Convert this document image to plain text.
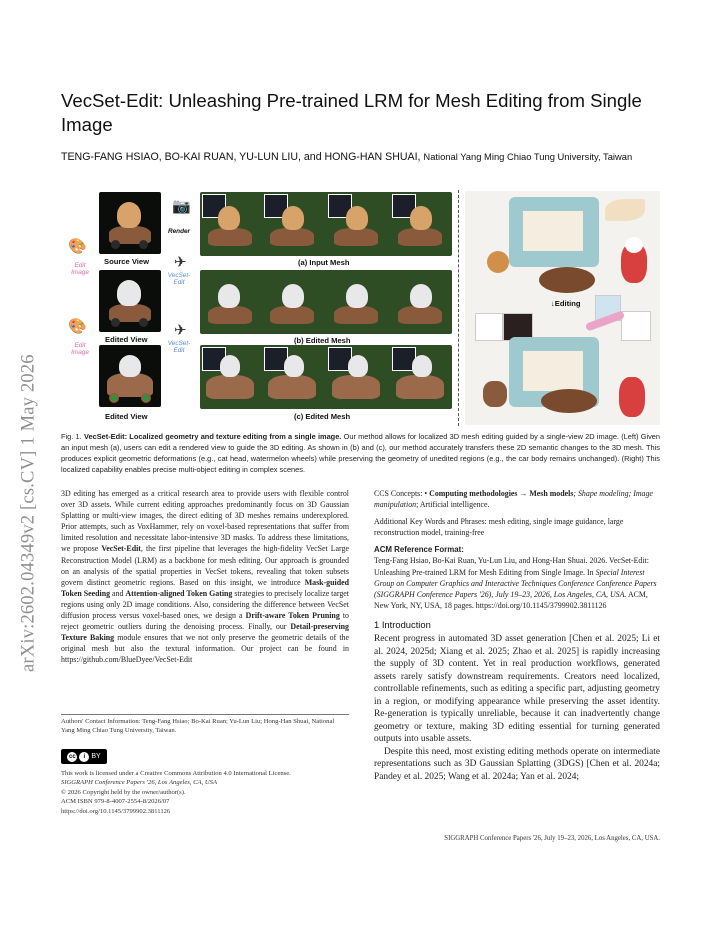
arXiv:2602.04349v2 [cs.CV] 1 May 2026
VecSet-Edit: Unleashing Pre-trained LRM for Mesh Editing from Single Image
TENG-FANG HSIAO, BO-KAI RUAN, YU-LUN LIU, and HONG-HAN SHUAI, National Yang Ming Chiao Tung University, Taiwan
Source View
Edited View
Edited View
🎨
Edit Image
🎨
Edit Image
📷
Render
✈
VecSet-Edit
✈
VecSet-Edit
(a) Input Mesh
(b) Edited Mesh
(c) Edited Mesh
↓Editing
Fig. 1. VecSet-Edit: Localized geometry and texture editing from a single image. Our method allows for localized 3D mesh editing guided by a single-view 2D image. (Left) Given an input mesh (a), users can edit a rendered view to guide the 3D editing. As shown in (b) and (c), our method accurately transfers these 2D semantic changes to the 3D mesh. This produces explicit geometric deformations (e.g., cat head, watermelon wheels) while preserving the geometry of unedited regions (e.g., the car body remains unchanged). (Right) This localized capability enables precise multi-object editing in complex scenes.
3D editing has emerged as a critical research area to provide users with flexible control over 3D assets. While current editing approaches predominantly focus on 3D Gaussian Splatting or multi-view images, the direct editing of 3D meshes remains underexplored. Prior attempts, such as VoxHammer, rely on voxel-based representations that suffer from limited resolution and necessitate labor-intensive 3D masks. To address these limitations, we propose VecSet-Edit, the first pipeline that leverages the high-fidelity VecSet Large Reconstruction Model (LRM) as a backbone for mesh editing. Our approach is grounded on an analysis of the spatial properties in VecSet tokens, revealing that token subsets govern distinct geometric regions. Based on this insight, we introduce Mask-guided Token Seeding and Attention-aligned Token Gating strategies to precisely localize target regions using only 2D image conditions. Also, considering the difference between VecSet diffusion process versus voxel-based ones, we design a Drift-aware Token Pruning to reject geometric outliers during the denoising process. Finally, our Detail-preserving Texture Baking module ensures that we not only preserve the geometric details of the original mesh but also the textural information. Our project can be found in https://github.com/BlueDyee/VecSet-Edit
Authors' Contact Information: Teng-Fang Hsiao; Bo-Kai Ruan; Yu-Lun Liu; Hong-Han Shuai, National Yang Ming Chiao Tung University, Taiwan.
cc	i BY
This work is licensed under a Creative Commons Attribution 4.0 International License.
SIGGRAPH Conference Papers '26, Los Angeles, CA, USA
© 2026 Copyright held by the owner/author(s).
ACM ISBN 979-8-4007-2554-8/2026/07
https://doi.org/10.1145/3799902.3811126
CCS Concepts: • Computing methodologies → Mesh models; Shape modeling; Image manipulation; Artificial intelligence.
Additional Key Words and Phrases: mesh editing, single image guidance, large reconstruction model, training-free
ACM Reference Format:
Teng-Fang Hsiao, Bo-Kai Ruan, Yu-Lun Liu, and Hong-Han Shuai. 2026. VecSet-Edit: Unleashing Pre-trained LRM for Mesh Editing from Single Image. In Special Interest Group on Computer Graphics and Interactive Techniques Conference Conference Papers (SIGGRAPH Conference Papers '26), July 19–23, 2026, Los Angeles, CA, USA. ACM, New York, NY, USA, 18 pages. https://doi.org/10.1145/3799902.3811126
1 Introduction

Recent progress in automated 3D asset generation [Chen et al. 2025; Li et al. 2024, 2025d; Xiang et al. 2025; Zhao et al. 2025] is rapidly increasing the supply of 3D content. Yet in real production workflows, generated assets rarely satisfy downstream requirements. Creators need localized, controllable refinements, such as editing a specific part, adjusting geometry in a region, or modifying appearance while preserving the asset identity. Re-generation is typically unreliable, because it can inadvertently change geometry or texture, making 3D editing essential for turning generated outputs into usable assets.

Despite this need, most existing editing methods operate on intermediate representations such as 3D Gaussian Splatting (3DGS) [Chen et al. 2024a; Pandey et al. 2025; Wang et al. 2024a; Yan et al. 2024;

SIGGRAPH Conference Papers '26, July 19–23, 2026, Los Angeles, CA, USA.
